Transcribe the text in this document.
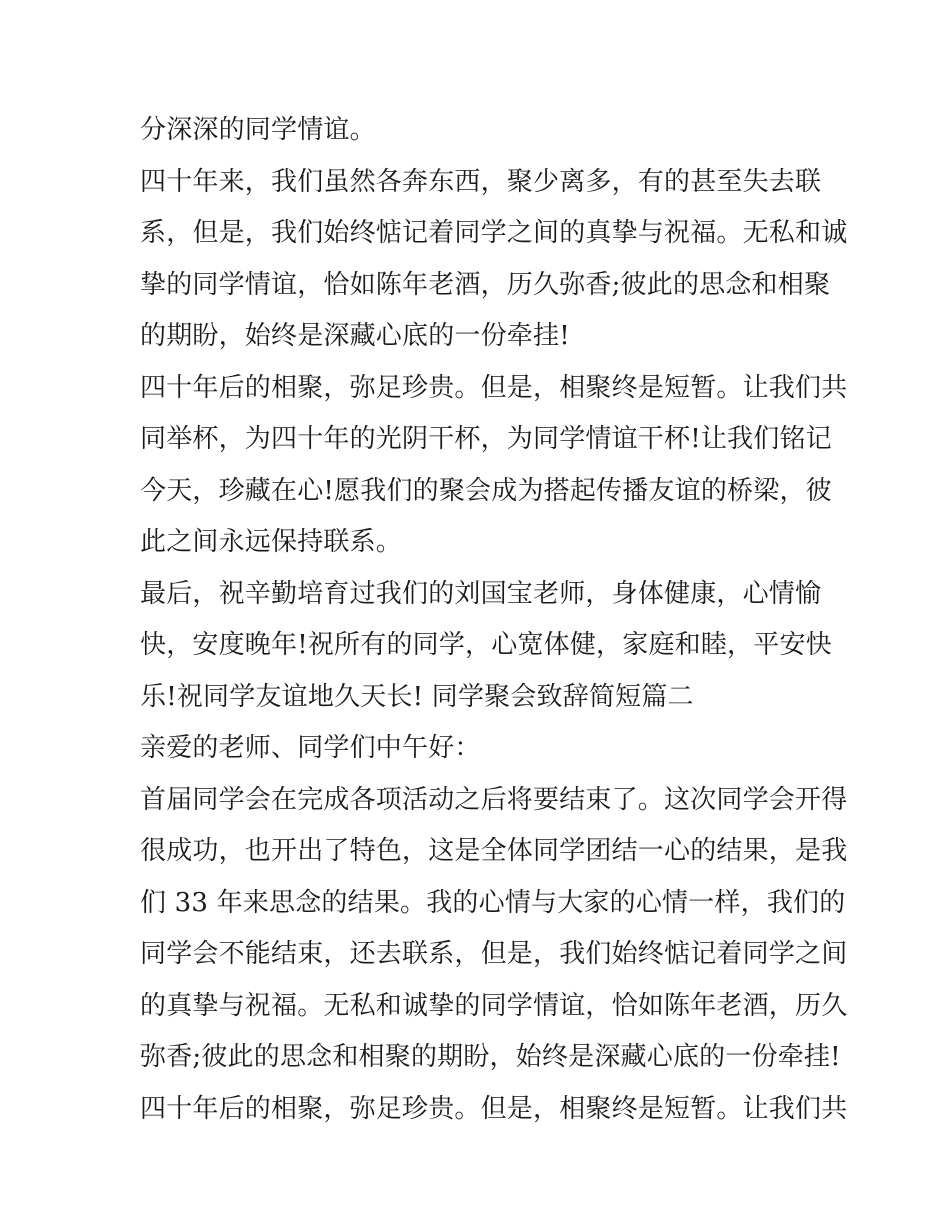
分深深的同学情谊。
四十年来，我们虽然各奔东西，聚少离多，有的甚至失去联
系，但是，我们始终惦记着同学之间的真挚与祝福。无私和诚
挚的同学情谊，恰如陈年老酒，历久弥香;彼此的思念和相聚
的期盼，始终是深藏心底的一份牵挂!
四十年后的相聚，弥足珍贵。但是，相聚终是短暂。让我们共
同举杯，为四十年的光阴干杯，为同学情谊干杯!让我们铭记
今天，珍藏在心!愿我们的聚会成为搭起传播友谊的桥梁，彼
此之间永远保持联系。
最后，祝辛勤培育过我们的刘国宝老师，身体健康，心情愉
快，安度晚年!祝所有的同学，心宽体健，家庭和睦，平安快
乐!祝同学友谊地久天长! 同学聚会致辞简短篇二
亲爱的老师、同学们中午好：
首届同学会在完成各项活动之后将要结束了。这次同学会开得
很成功，也开出了特色，这是全体同学团结一心的结果，是我
们 33 年来思念的结果。我的心情与大家的心情一样，我们的
同学会不能结束，还去联系，但是，我们始终惦记着同学之间
的真挚与祝福。无私和诚挚的同学情谊，恰如陈年老酒，历久
弥香;彼此的思念和相聚的期盼，始终是深藏心底的一份牵挂!
四十年后的相聚，弥足珍贵。但是，相聚终是短暂。让我们共
